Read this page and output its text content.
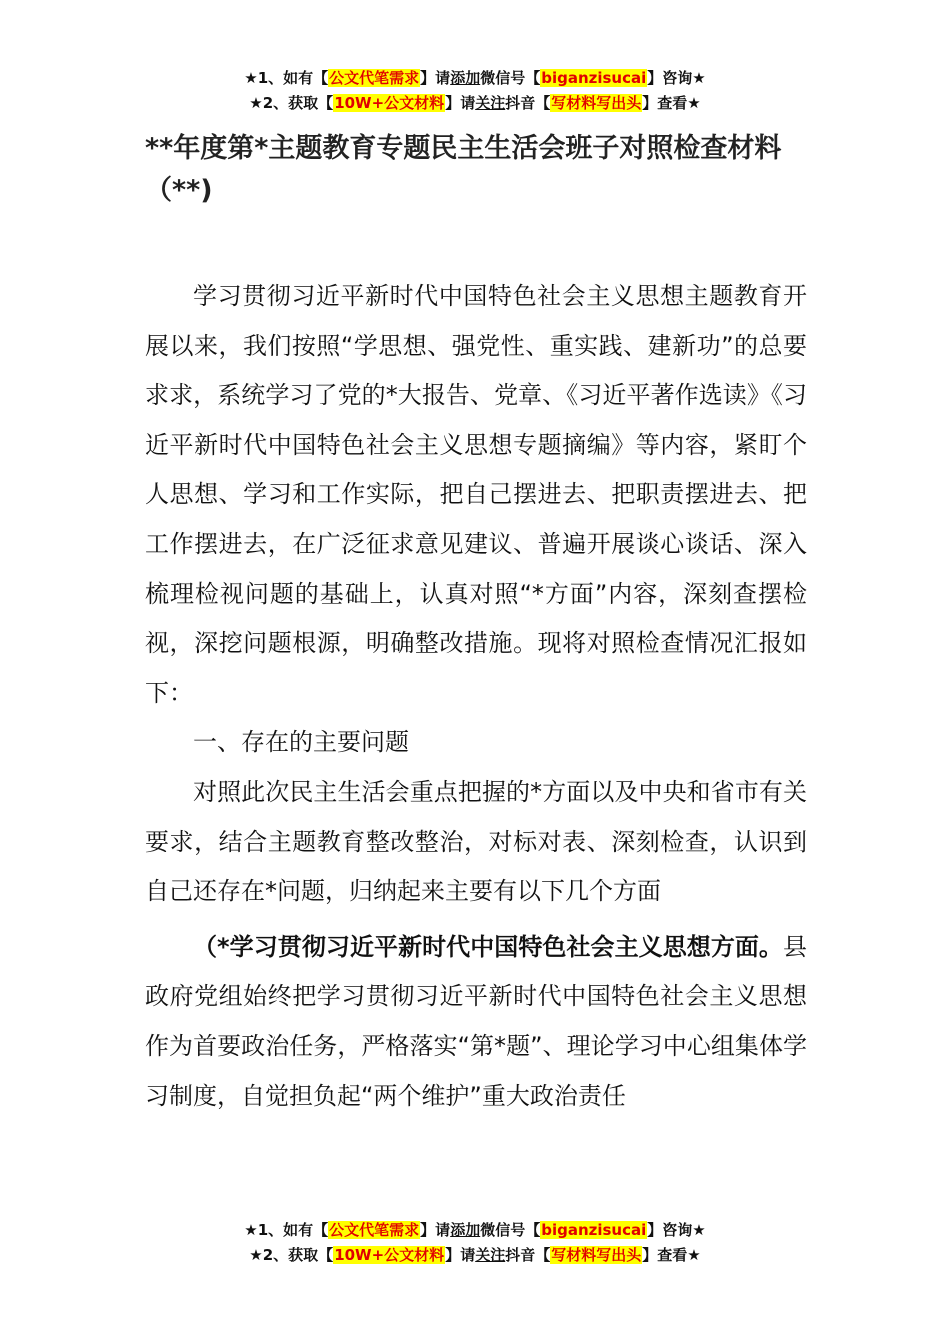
★1、如有【公文代笔需求】请添加微信号【biganzisucai】咨询★
★2、获取【10W+公文材料】请关注抖音【写材料写出头】查看★
**年度第*主题教育专题民主生活会班子对照检查材料（**)

学习贯彻习近平新时代中国特色社会主义思想主题教育开展以来，我们按照“学思想、强党性、重实践、建新功”的总要求求，系统学习了党的*大报告、党章、《习近平著作选读》《习近平新时代中国特色社会主义思想专题摘编》等内容，紧盯个人思想、学习和工作实际，把自己摆进去、把职责摆进去、把工作摆进去，在广泛征求意见建议、普遍开展谈心谈话、深入梳理检视问题的基础上，认真对照“*方面”内容，深刻查摆检视，深挖问题根源，明确整改措施。现将对照检查情况汇报如下：

一、存在的主要问题

对照此次民主生活会重点把握的*方面以及中央和省市有关要求，结合主题教育整改整治，对标对表、深刻检查，认识到自己还存在*问题，归纳起来主要有以下几个方面

（*学习贯彻习近平新时代中国特色社会主义思想方面。县政府党组始终把学习贯彻习近平新时代中国特色社会主义思想作为首要政治任务，严格落实“第*题”、理论学习中心组集体学习制度，自觉担负起“两个维护”重大政治责任

★1、如有【公文代笔需求】请添加微信号【biganzisucai】咨询★
★2、获取【10W+公文材料】请关注抖音【写材料写出头】查看★
